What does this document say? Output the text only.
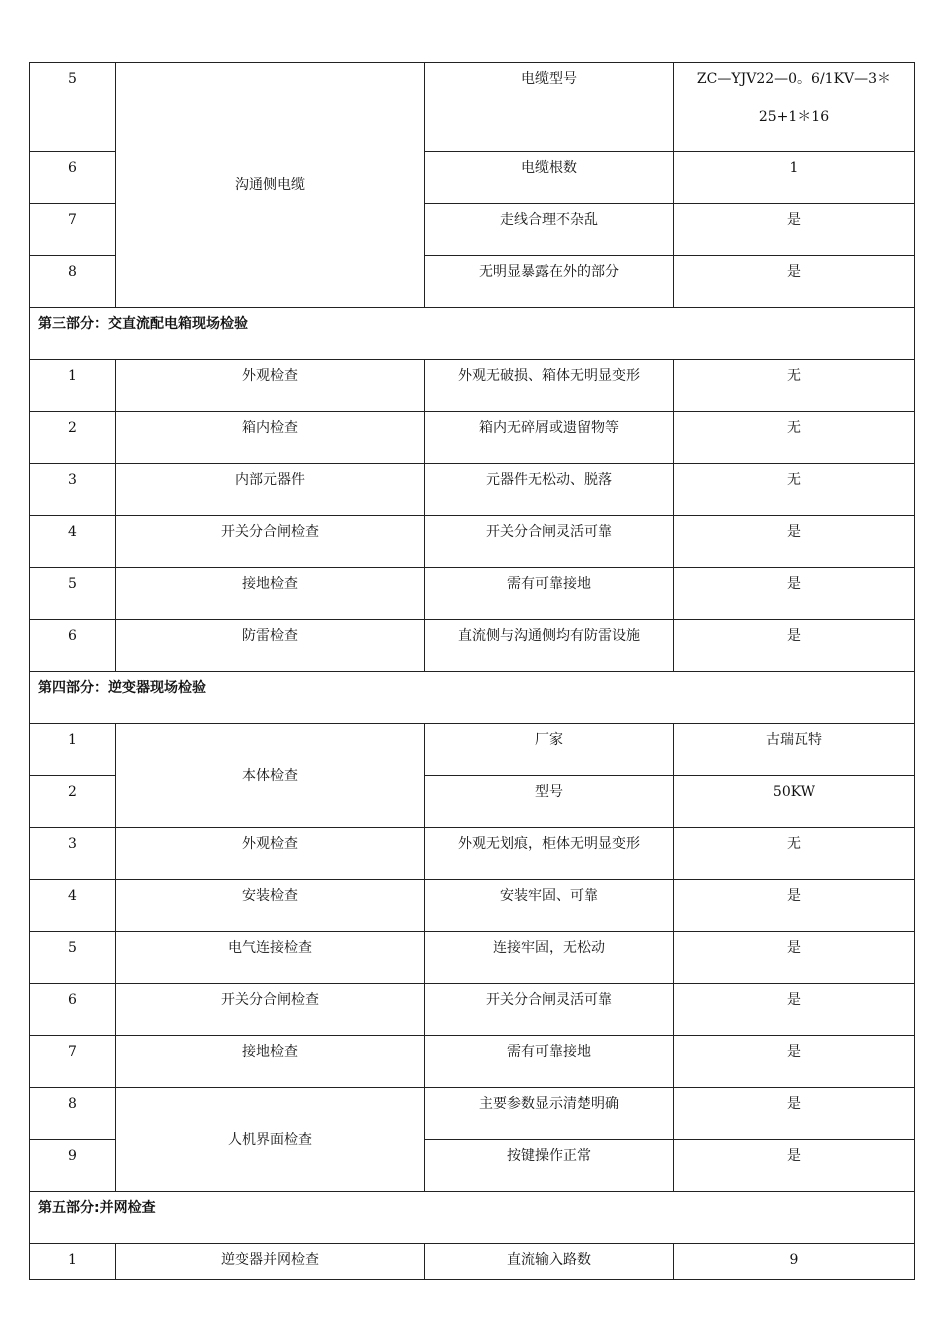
5	沟通侧电缆	电缆型号	ZC—YJV22—0。6/1KV—3＊
25+1＊16

6		电缆根数	1
7		走线合理不杂乱	是
8		无明显暴露在外的部分	是
第三部分：交直流配电箱现场检验			
1	外观检查	外观无破损、箱体无明显变形	无
2	箱内检查	箱内无碎屑或遗留物等	无
3	内部元器件	元器件无松动、脱落	无
4	开关分合闸检查	开关分合闸灵活可靠	是
5	接地检查	需有可靠接地	是
6	防雷检查	直流侧与沟通侧均有防雷设施	是
第四部分：逆变器现场检验			
1	本体检查	厂家	古瑞瓦特
2		型号	50KW
3	外观检查	外观无划痕，柜体无明显变形	无
4	安装检查	安装牢固、可靠	是
5	电气连接检查	连接牢固，无松动	是
6	开关分合闸检查	开关分合闸灵活可靠	是
7	接地检查	需有可靠接地	是
8	人机界面检查	主要参数显示清楚明确	是
9		按键操作正常	是
第五部分:并网检查			
1	逆变器并网检查	直流输入路数	9
